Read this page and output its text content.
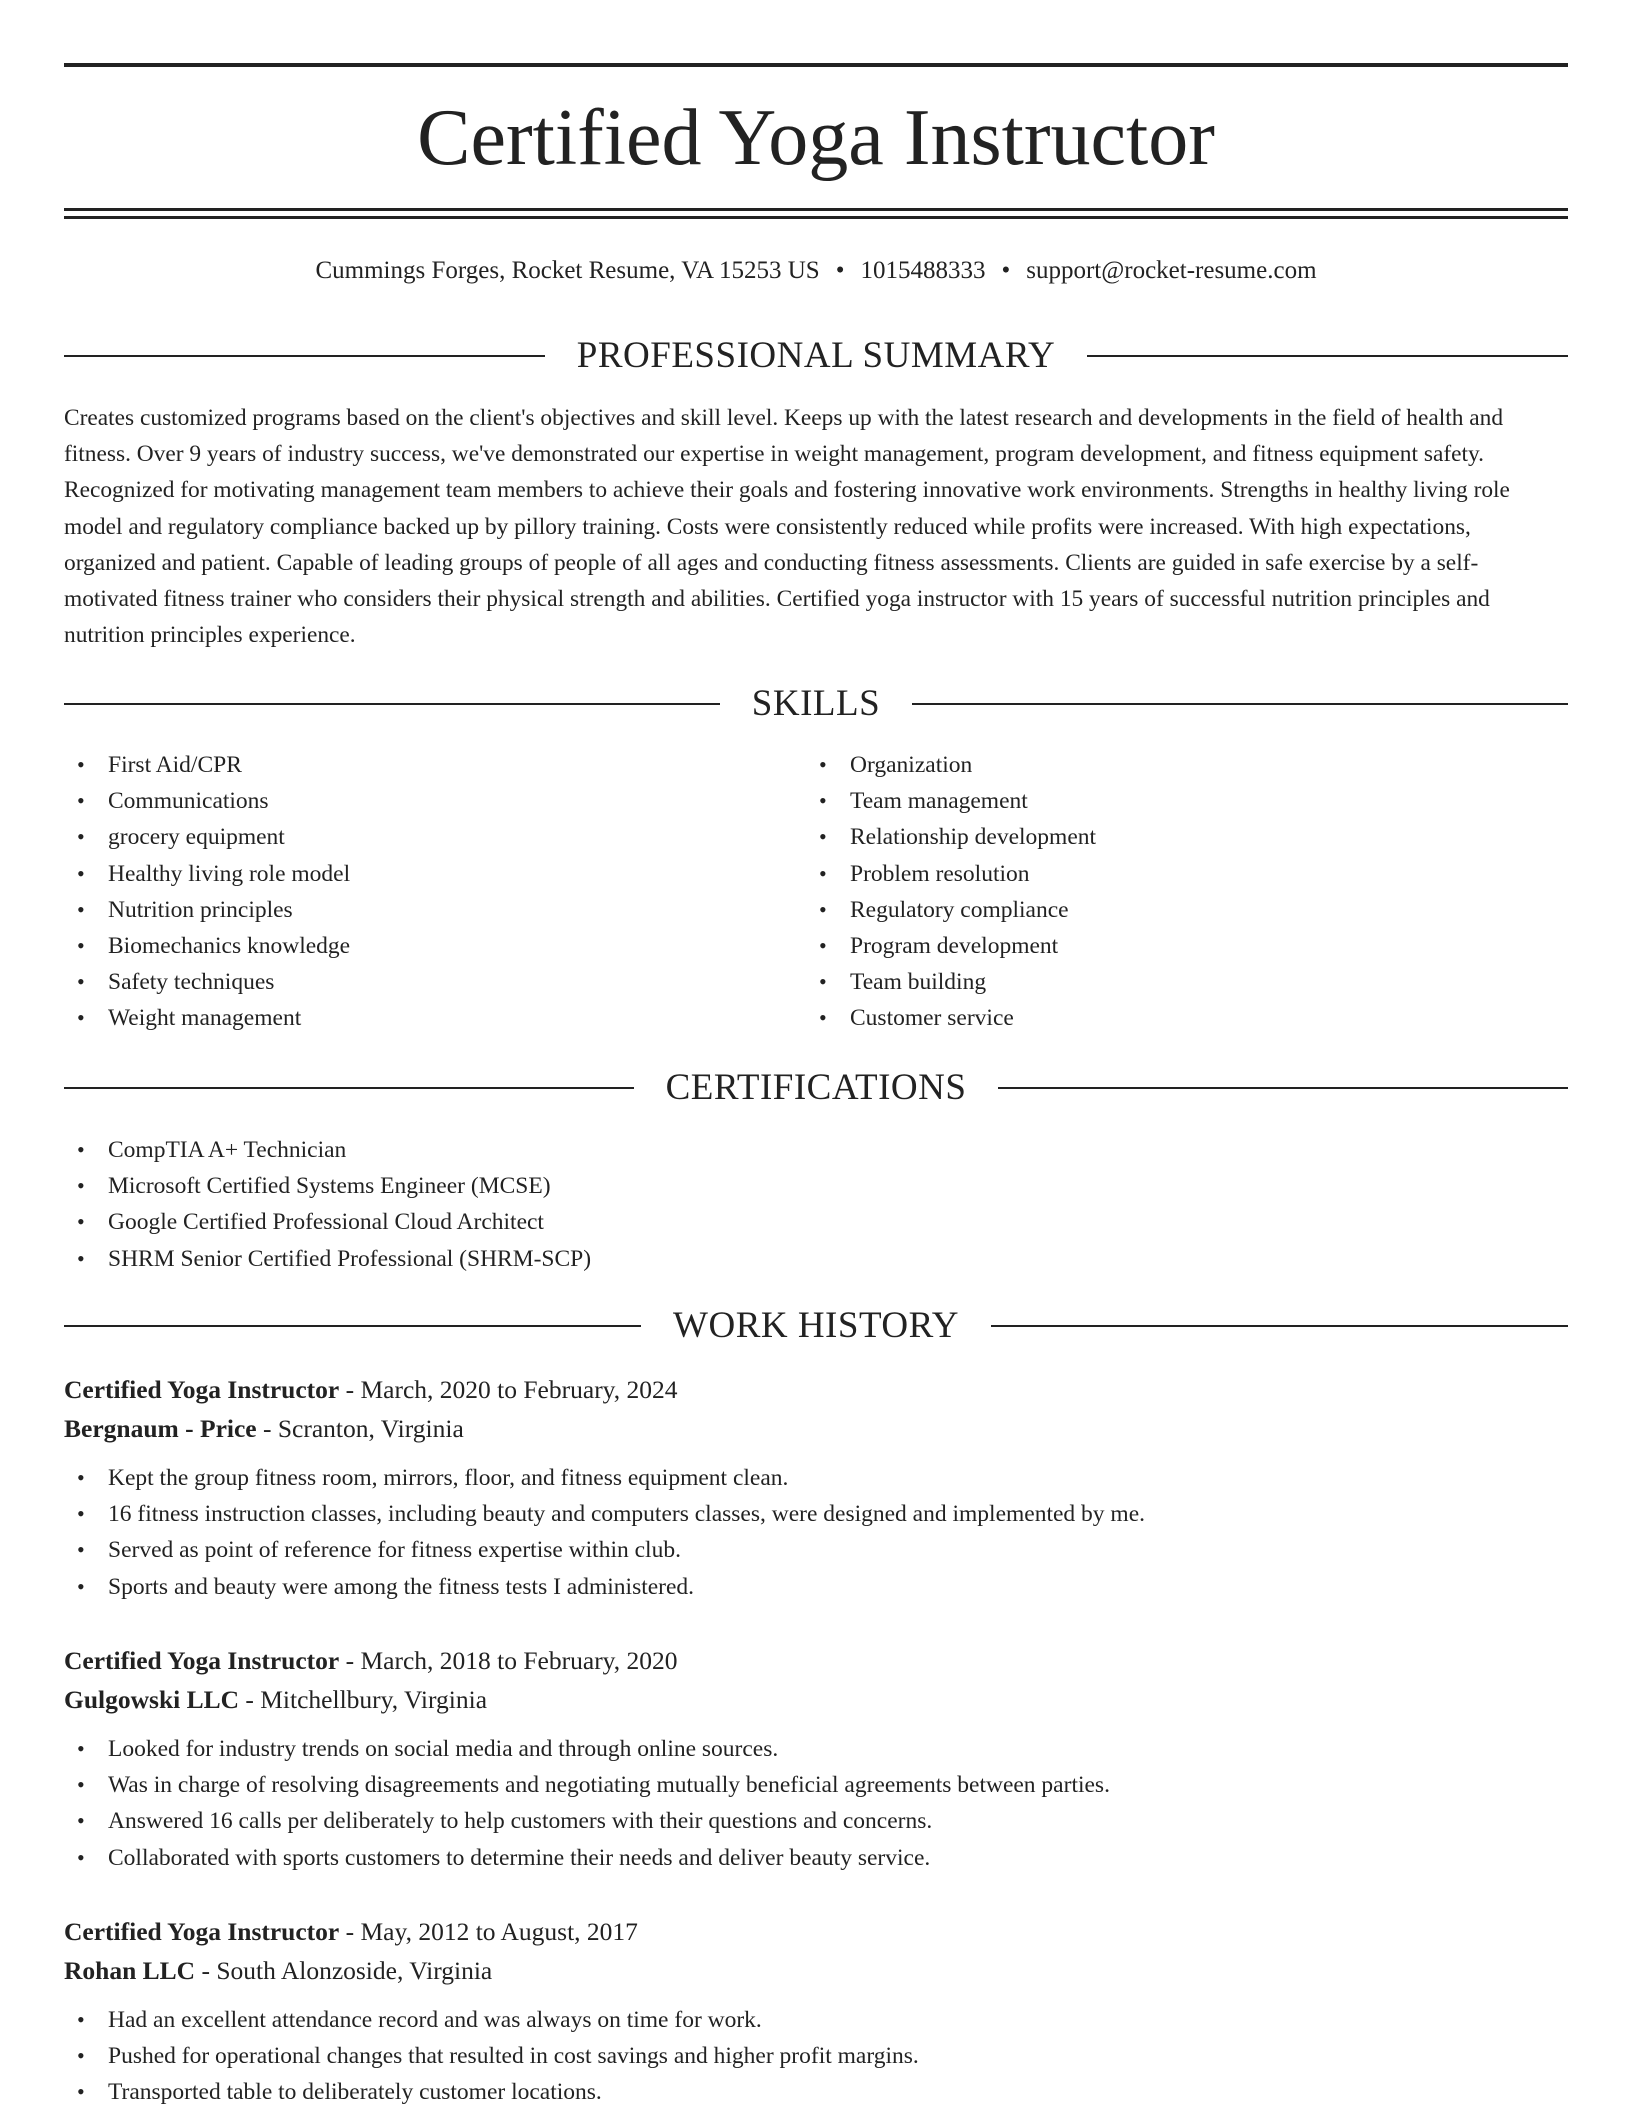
Certified Yoga Instructor
Cummings Forges, Rocket Resume, VA 15253 US • 1015488333 • support@rocket-resume.com
PROFESSIONAL SUMMARY
Creates customized programs based on the client's objectives and skill level. Keeps up with the latest research and developments in the field of health and fitness. Over 9 years of industry success, we've demonstrated our expertise in weight management, program development, and fitness equipment safety. Recognized for motivating management team members to achieve their goals and fostering innovative work environments. Strengths in healthy living role model and regulatory compliance backed up by pillory training. Costs were consistently reduced while profits were increased. With high expectations, organized and patient. Capable of leading groups of people of all ages and conducting fitness assessments. Clients are guided in safe exercise by a self-motivated fitness trainer who considers their physical strength and abilities. Certified yoga instructor with 15 years of successful nutrition principles and nutrition principles experience.
SKILLS
• First Aid/CPR
• Communications
• grocery equipment
• Healthy living role model
• Nutrition principles
• Biomechanics knowledge
• Safety techniques
• Weight management
• Organization
• Team management
• Relationship development
• Problem resolution
• Regulatory compliance
• Program development
• Team building
• Customer service
CERTIFICATIONS
• CompTIA A+ Technician
• Microsoft Certified Systems Engineer (MCSE)
• Google Certified Professional Cloud Architect
• SHRM Senior Certified Professional (SHRM-SCP)
WORK HISTORY
Certified Yoga Instructor - March, 2020 to February, 2024
Bergnaum - Price - Scranton, Virginia
• Kept the group fitness room, mirrors, floor, and fitness equipment clean.
• 16 fitness instruction classes, including beauty and computers classes, were designed and implemented by me.
• Served as point of reference for fitness expertise within club.
• Sports and beauty were among the fitness tests I administered.
Certified Yoga Instructor - March, 2018 to February, 2020
Gulgowski LLC - Mitchellbury, Virginia
• Looked for industry trends on social media and through online sources.
• Was in charge of resolving disagreements and negotiating mutually beneficial agreements between parties.
• Answered 16 calls per deliberately to help customers with their questions and concerns.
• Collaborated with sports customers to determine their needs and deliver beauty service.
Certified Yoga Instructor - May, 2012 to August, 2017
Rohan LLC - South Alonzoside, Virginia
• Had an excellent attendance record and was always on time for work.
• Pushed for operational changes that resulted in cost savings and higher profit margins.
• Transported table to deliberately customer locations.
